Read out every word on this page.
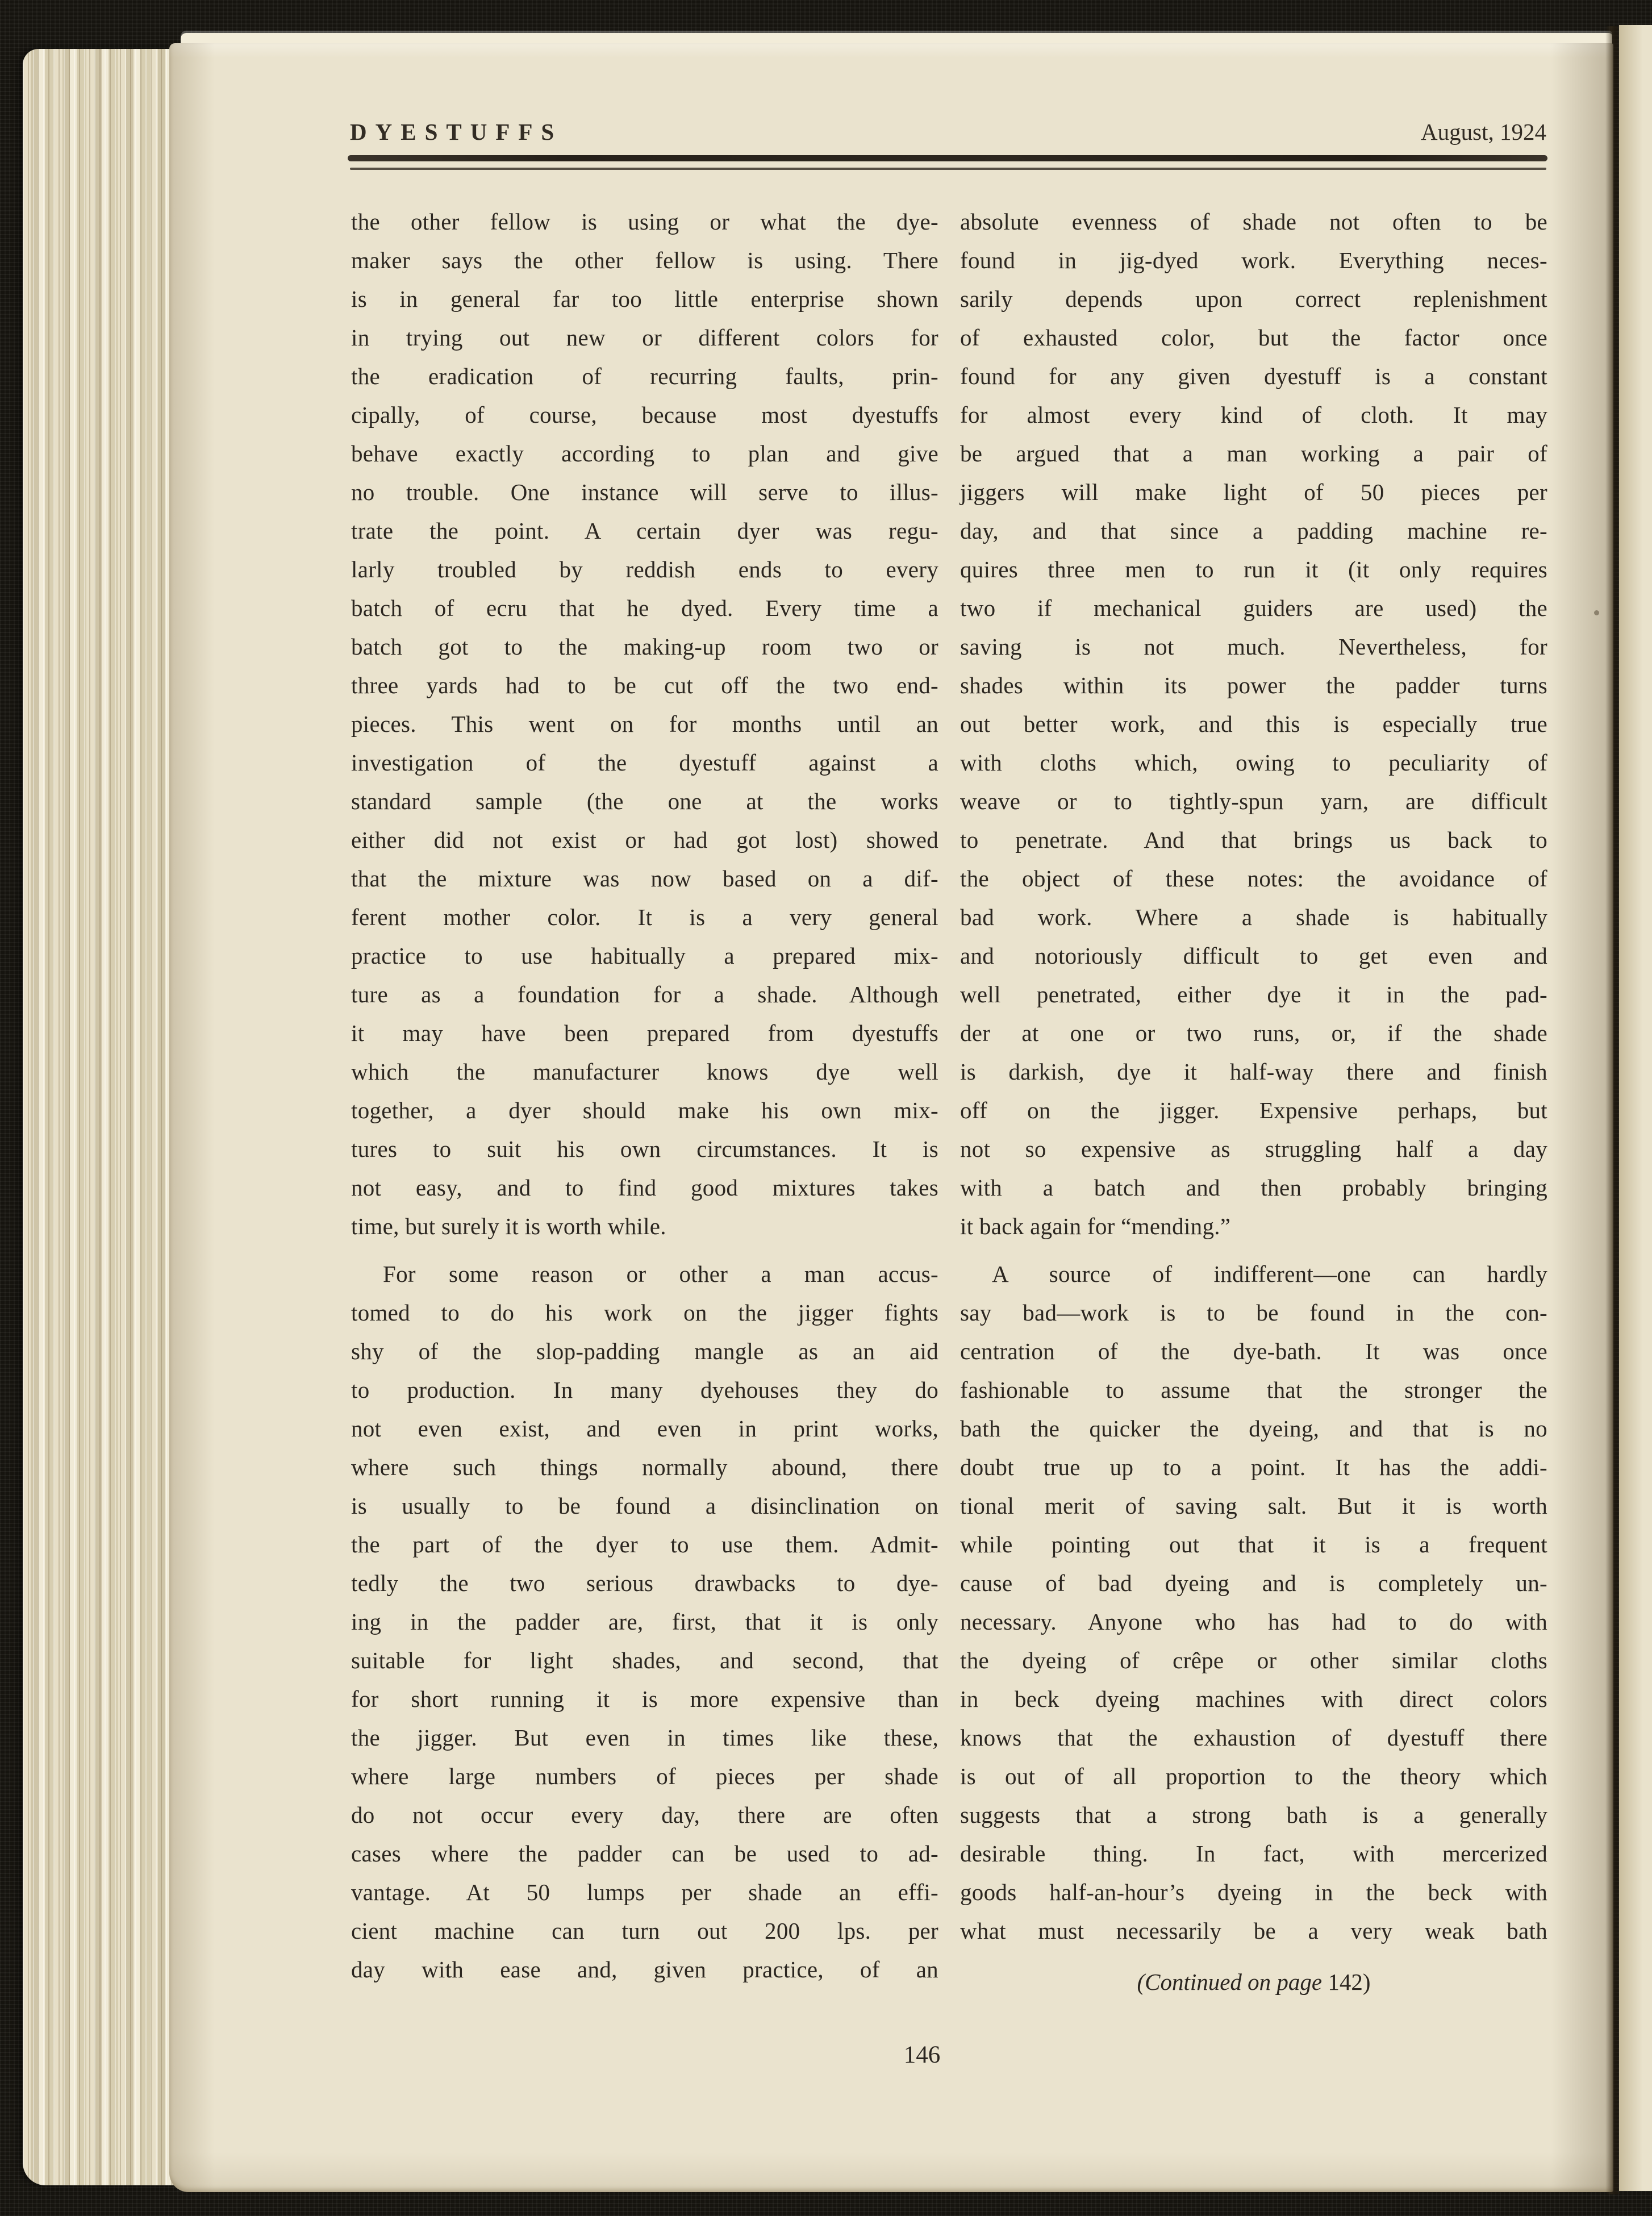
DYESTUFFS	August, 1924
the other fellow is using or what the dye-
maker says the other fellow is using. There
is in general far too little enterprise shown
in trying out new or different colors for
the eradication of recurring faults, prin-
cipally, of course, because most dyestuffs
behave exactly according to plan and give
no trouble. One instance will serve to illus-
trate the point. A certain dyer was regu-
larly troubled by reddish ends to every
batch of ecru that he dyed. Every time a
batch got to the making-up room two or
three yards had to be cut off the two end-
pieces. This went on for months until an
investigation of the dyestuff against a
standard sample (the one at the works
either did not exist or had got lost) showed
that the mixture was now based on a dif-
ferent mother color. It is a very general
practice to use habitually a prepared mix-
ture as a foundation for a shade. Although
it may have been prepared from dyestuffs
which the manufacturer knows dye well
together, a dyer should make his own mix-
tures to suit his own circumstances. It is
not easy, and to find good mixtures takes
time, but surely it is worth while.
For some reason or other a man accus-
tomed to do his work on the jigger fights
shy of the slop-padding mangle as an aid
to production. In many dyehouses they do
not even exist, and even in print works,
where such things normally abound, there
is usually to be found a disinclination on
the part of the dyer to use them. Admit-
tedly the two serious drawbacks to dye-
ing in the padder are, first, that it is only
suitable for light shades, and second, that
for short running it is more expensive than
the jigger. But even in times like these,
where large numbers of pieces per shade
do not occur every day, there are often
cases where the padder can be used to ad-
vantage. At 50 lumps per shade an effi-
cient machine can turn out 200 lps. per
day with ease and, given practice, of an
absolute evenness of shade not often to be
found in jig-dyed work. Everything neces-
sarily depends upon correct replenishment
of exhausted color, but the factor once
found for any given dyestuff is a constant
for almost every kind of cloth. It may
be argued that a man working a pair of
jiggers will make light of 50 pieces per
day, and that since a padding machine re-
quires three men to run it (it only requires
two if mechanical guiders are used) the
saving is not much. Nevertheless, for
shades within its power the padder turns
out better work, and this is especially true
with cloths which, owing to peculiarity of
weave or to tightly-spun yarn, are difficult
to penetrate. And that brings us back to
the object of these notes: the avoidance of
bad work. Where a shade is habitually
and notoriously difficult to get even and
well penetrated, either dye it in the pad-
der at one or two runs, or, if the shade
is darkish, dye it half-way there and finish
off on the jigger. Expensive perhaps, but
not so expensive as struggling half a day
with a batch and then probably bringing
it back again for “mending.”
A source of indifferent—one can hardly
say bad—work is to be found in the con-
centration of the dye-bath. It was once
fashionable to assume that the stronger the
bath the quicker the dyeing, and that is no
doubt true up to a point. It has the addi-
tional merit of saving salt. But it is worth
while pointing out that it is a frequent
cause of bad dyeing and is completely un-
necessary. Anyone who has had to do with
the dyeing of crêpe or other similar cloths
in beck dyeing machines with direct colors
knows that the exhaustion of dyestuff there
is out of all proportion to the theory which
suggests that a strong bath is a generally
desirable thing. In fact, with mercerized
goods half-an-hour’s dyeing in the beck with
what must necessarily be a very weak bath
(Continued on page 142)
146
